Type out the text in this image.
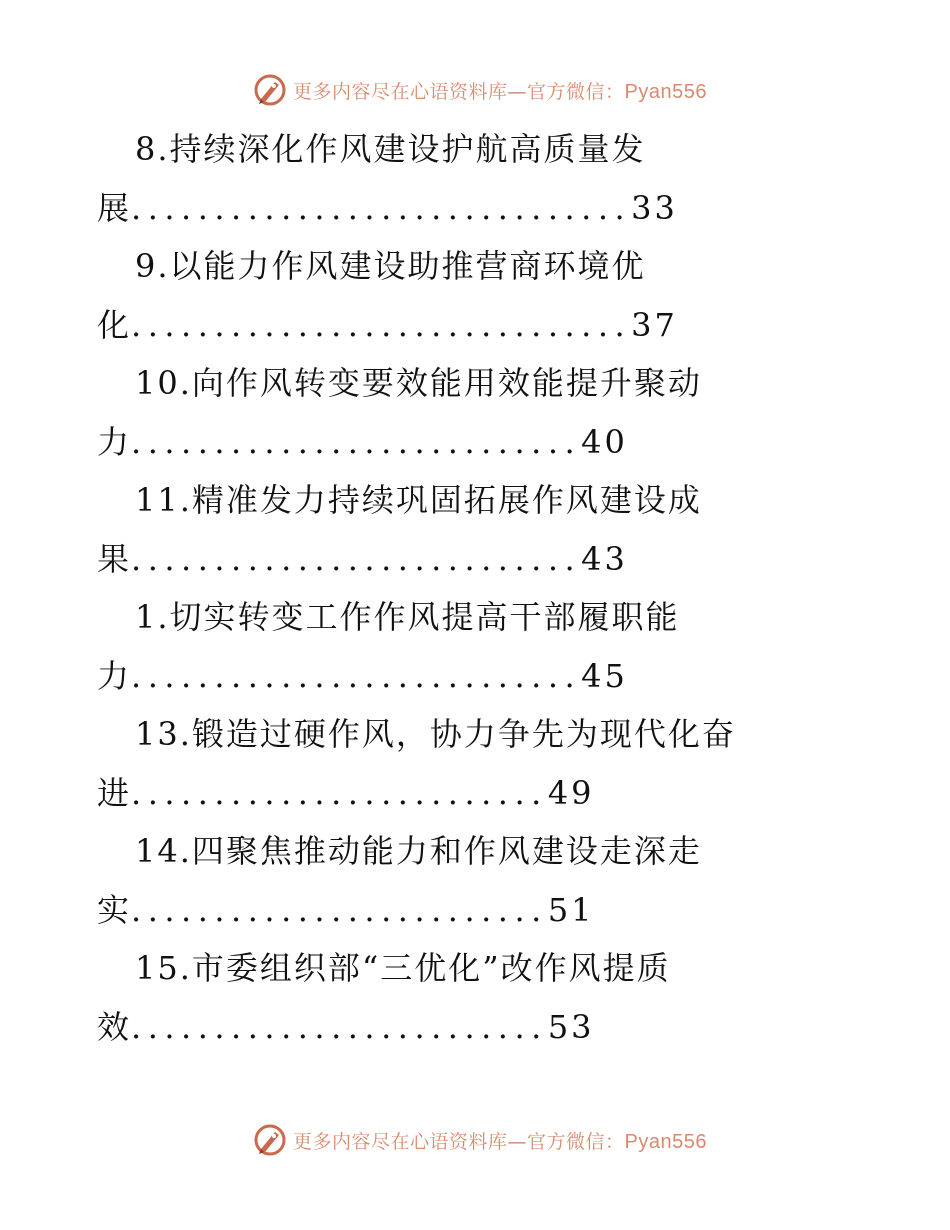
更多内容尽在心语资料库—官方微信：Pyan556
8.持续深化作风建设护航高质量发
展..............................33
9.以能力作风建设助推营商环境优
化..............................37
10.向作风转变要效能用效能提升聚动
力...........................40
11.精准发力持续巩固拓展作风建设成
果...........................43
1.切实转变工作作风提高干部履职能
力...........................45
13.锻造过硬作风，协力争先为现代化奋
进.........................49
14.四聚焦推动能力和作风建设走深走
实.........................51
15.市委组织部“三优化”改作风提质
效.........................53
更多内容尽在心语资料库—官方微信：Pyan556
